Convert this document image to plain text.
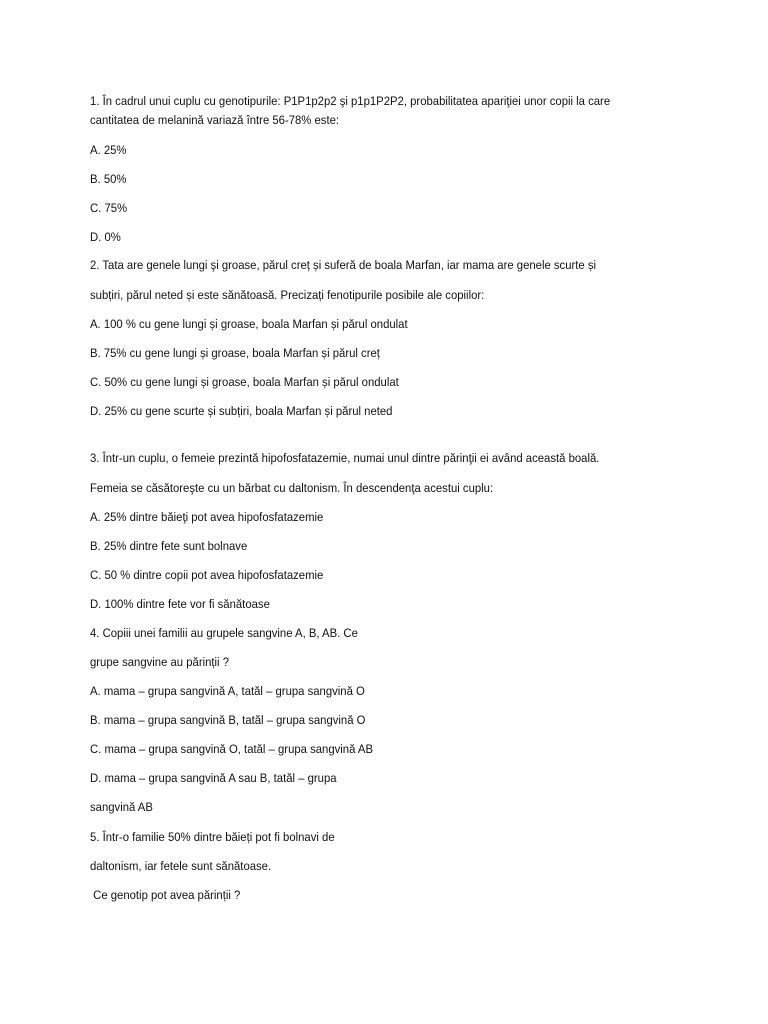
1. În cadrul unui cuplu cu genotipurile: P1P1p2p2 şi p1p1P2P2, probabilitatea apariţiei unor copii la care
cantitatea de melanină variază între 56-78% este:
A. 25%
B. 50%
C. 75%
D. 0%
2. Tata are genele lungi şi groase, părul creț și suferă de boala Marfan, iar mama are genele scurte și
subțiri, părul neted și este sănătoasă. Precizați fenotipurile posibile ale copiilor:
A. 100 % cu gene lungi și groase, boala Marfan și părul ondulat
B. 75% cu gene lungi și groase, boala Marfan și părul creț
C. 50% cu gene lungi și groase, boala Marfan și părul ondulat
D. 25% cu gene scurte și subțiri, boala Marfan și părul neted
3. Într-un cuplu, o femeie prezintă hipofosfatazemie, numai unul dintre părinţii ei având această boală.
Femeia se căsătoreşte cu un bărbat cu daltonism. În descendenţa acestui cuplu:
A. 25% dintre băieţi pot avea hipofosfatazemie
B. 25% dintre fete sunt bolnave
C. 50 % dintre copii pot avea hipofosfatazemie
D. 100% dintre fete vor fi sănătoase
4. Copiii unei familii au grupele sangvine A, B, AB. Ce
grupe sangvine au părinții ?
A. mama – grupa sangvină A, tatăl – grupa sangvină O
B. mama – grupa sangvină B, tatăl – grupa sangvină O
C. mama – grupa sangvină O, tatăl – grupa sangvină AB
D. mama – grupa sangvină A sau B, tatăl – grupa
sangvină AB
5. Într-o familie 50% dintre băieți pot fi bolnavi de
daltonism, iar fetele sunt sănătoase.
Ce genotip pot avea părinții ?
